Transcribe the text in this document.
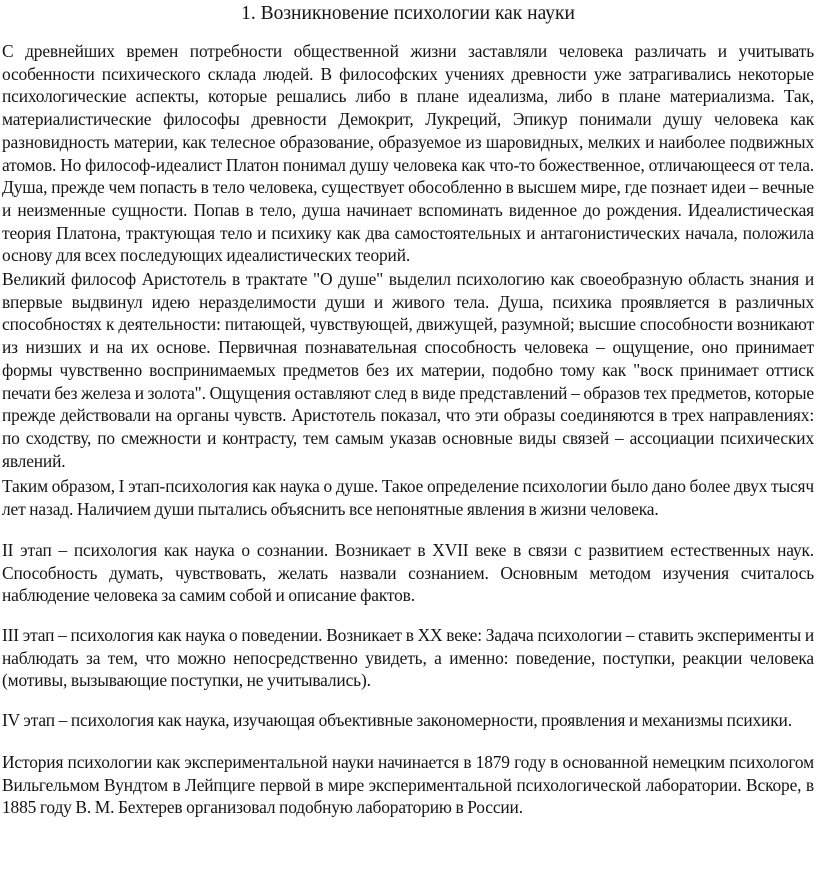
1. Возникновение психологии как науки

С древнейших времен потребности общественной жизни заставляли человека различать и учитывать особенности психического склада людей. В философских учениях древности уже затрагивались некоторые психологические аспекты, которые решались либо в плане идеализма, либо в плане материализма. Так, материалистические философы древности Демокрит, Лукреций, Эпикур понимали душу человека как разновидность материи, как телесное образование, образуемое из шаровидных, мелких и наиболее подвижных атомов. Но философ-идеалист Платон понимал душу человека как что-то божественное, отличающееся от тела. Душа, прежде чем попасть в тело человека, существует обособленно в высшем мире, где познает идеи – вечные и неизменные сущности. Попав в тело, душа начинает вспоминать виденное до рождения. Идеалистическая теория Платона, трактующая тело и психику как два самостоятельных и антагонистических начала, положила основу для всех последующих идеалистических теорий.

Великий философ Аристотель в трактате "О душе" выделил психологию как своеобразную область знания и впервые выдвинул идею неразделимости души и живого тела. Душа, психика проявляется в различных способностях к деятельности: питающей, чувствующей, движущей, разумной; высшие способности возникают из низших и на их основе. Первичная познавательная способность человека – ощущение, оно принимает формы чувственно воспринимаемых предметов без их материи, подобно тому как "воск принимает оттиск печати без железа и золота". Ощущения оставляют след в виде представлений – образов тех предметов, которые прежде действовали на органы чувств. Аристотель показал, что эти образы соединяются в трех направлениях: по сходству, по смежности и контрасту, тем самым указав основные виды связей – ассоциации психических явлений.

Таким образом, I этап-психология как наука о душе. Такое определение психологии было дано более двух тысяч лет назад. Наличием души пытались объяснить все непонятные явления в жизни человека.

II этап – психология как наука о сознании. Возникает в XVII веке в связи с развитием естественных наук. Способность думать, чувствовать, желать назвали сознанием. Основным методом изучения считалось наблюдение человека за самим собой и описание фактов.

III этап – психология как наука о поведении. Возникает в XX веке: Задача психологии – ставить эксперименты и наблюдать за тем, что можно непосредственно увидеть, а именно: поведение, поступки, реакции человека (мотивы, вызывающие поступки, не учитывались).

IV этап – психология как наука, изучающая объективные закономерности, проявления и механизмы психики.

История психологии как экспериментальной науки начинается в 1879 году в основанной немецким психологом Вильгельмом Вундтом в Лейпциге первой в мире экспериментальной психологической лаборатории. Вскоре, в 1885 году В. М. Бехтерев организовал подобную лабораторию в России.
